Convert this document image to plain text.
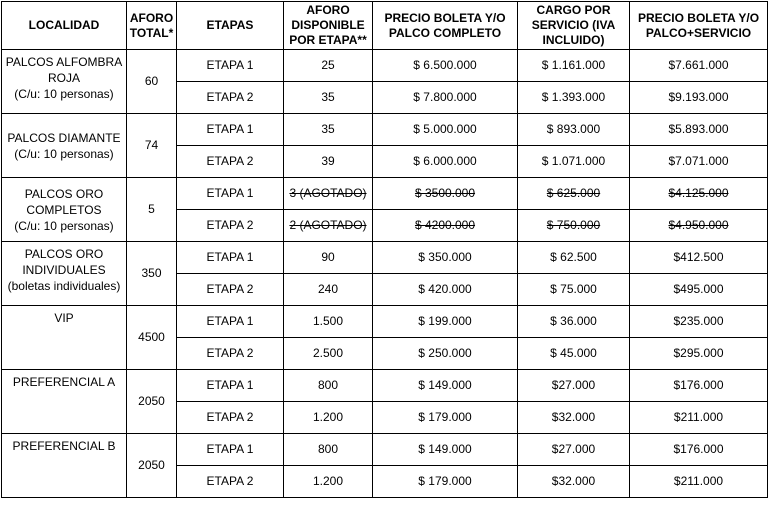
LOCALIDAD	AFORO TOTAL*	ETAPAS	AFORO DISPONIBLE POR ETAPA**	PRECIO BOLETA Y/O PALCO COMPLETO	CARGO POR SERVICIO (IVA INCLUIDO)	PRECIO BOLETA Y/O PALCO+SERVICIO

PALCOS ALFOMBRA
ROJA
(C/u: 10 personas)	60	ETAPA 1	25	$ 6.500.000	$ 1.161.000	$7.661.000
		ETAPA 2	35	$ 7.800.000	$ 1.393.000	$9.193.000

PALCOS DIAMANTE
(C/u: 10 personas)	74	ETAPA 1	35	$ 5.000.000	$ 893.000	$5.893.000
		ETAPA 2	39	$ 6.000.000	$ 1.071.000	$7.071.000

PALCOS ORO
COMPLETOS
(C/u: 10 personas)	5	ETAPA 1	3 (AGOTADO)	$ 3500.000	$ 625.000	$4.125.000
		ETAPA 2	2 (AGOTADO)	$ 4200.000	$ 750.000	$4.950.000

PALCOS ORO
INDIVIDUALES
(boletas individuales)	350	ETAPA 1	90	$ 350.000	$ 62.500	$412.500
		ETAPA 2	240	$ 420.000	$ 75.000	$495.000

VIP	4500	ETAPA 1	1.500	$ 199.000	$ 36.000	$235.000
		ETAPA 2	2.500	$ 250.000	$ 45.000	$295.000

PREFERENCIAL A	2050	ETAPA 1	800	$ 149.000	$27.000	$176.000
		ETAPA 2	1.200	$ 179.000	$32.000	$211.000

PREFERENCIAL B	2050	ETAPA 1	800	$ 149.000	$27.000	$176.000
		ETAPA 2	1.200	$ 179.000	$32.000	$211.000
